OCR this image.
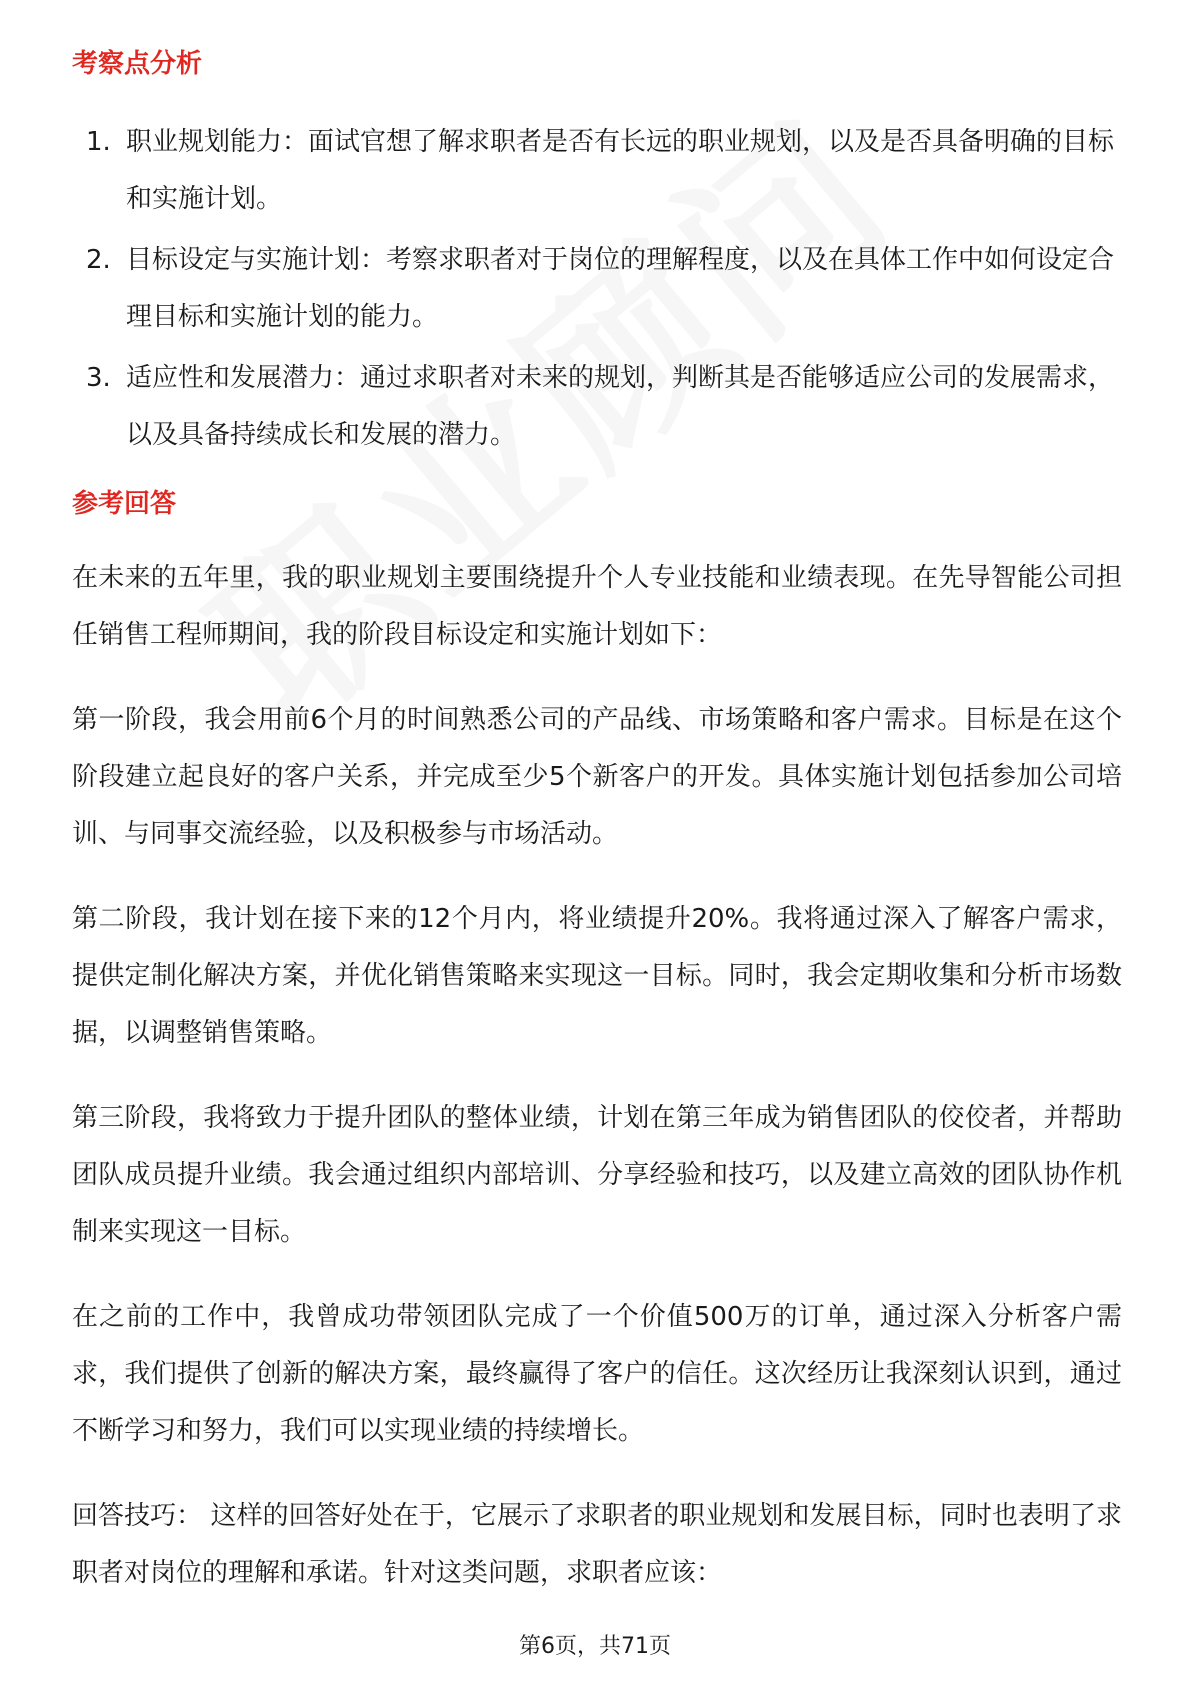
考察点分析
1. 职业规划能力：面试官想了解求职者是否有长远的职业规划，以及是否具备明确的目标和实施计划。
2. 目标设定与实施计划：考察求职者对于岗位的理解程度，以及在具体工作中如何设定合理目标和实施计划的能力。
3. 适应性和发展潜力：通过求职者对未来的规划，判断其是否能够适应公司的发展需求，以及具备持续成长和发展的潜力。
参考回答

在未来的五年里，我的职业规划主要围绕提升个人专业技能和业绩表现。在先导智能公司担任销售工程师期间，我的阶段目标设定和实施计划如下：

第一阶段，我会用前6个月的时间熟悉公司的产品线、市场策略和客户需求。目标是在这个阶段建立起良好的客户关系，并完成至少5个新客户的开发。具体实施计划包括参加公司培训、与同事交流经验，以及积极参与市场活动。

第二阶段，我计划在接下来的12个月内，将业绩提升20%。我将通过深入了解客户需求，提供定制化解决方案，并优化销售策略来实现这一目标。同时，我会定期收集和分析市场数据，以调整销售策略。

第三阶段，我将致力于提升团队的整体业绩，计划在第三年成为销售团队的佼佼者，并帮助团队成员提升业绩。我会通过组织内部培训、分享经验和技巧，以及建立高效的团队协作机制来实现这一目标。

在之前的工作中，我曾成功带领团队完成了一个价值500万的订单，通过深入分析客户需求，我们提供了创新的解决方案，最终赢得了客户的信任。这次经历让我深刻认识到，通过不断学习和努力，我们可以实现业绩的持续增长。

回答技巧： 这样的回答好处在于，它展示了求职者的职业规划和发展目标，同时也表明了求职者对岗位的理解和承诺。针对这类问题，求职者应该：

第6页，共71页
